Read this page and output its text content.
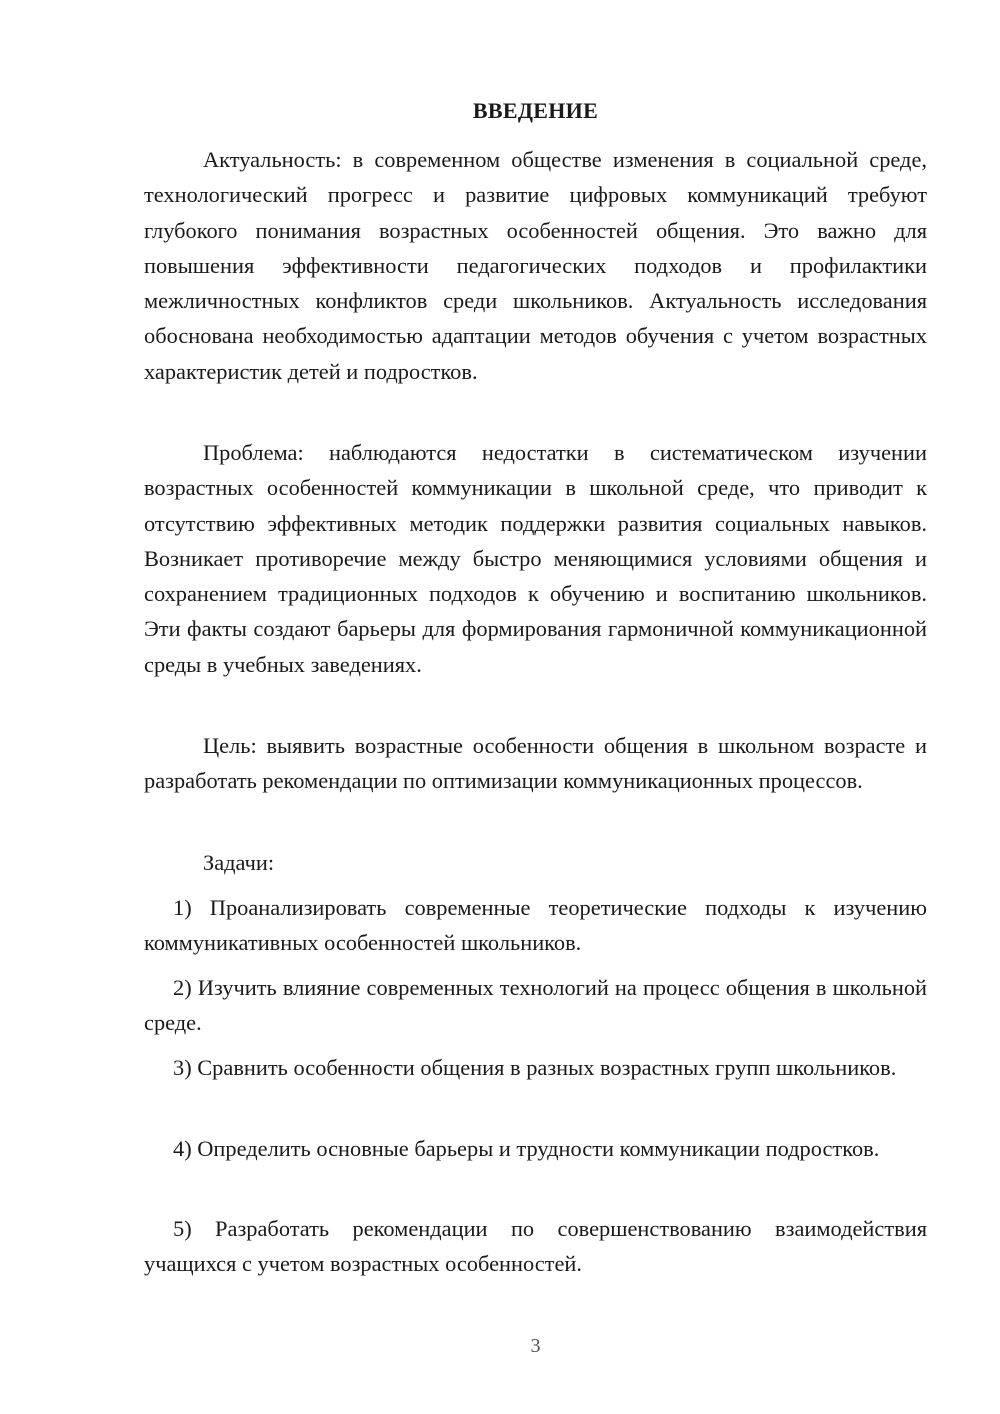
ВВЕДЕНИЕ

Актуальность: в современном обществе изменения в социальной среде, технологический прогресс и развитие цифровых коммуникаций требуют глубокого понимания возрастных особенностей общения. Это важно для повышения эффективности педагогических подходов и профилактики межличностных конфликтов среди школьников. Актуальность исследования обоснована необходимостью адаптации методов обучения с учетом возрастных характеристик детей и подростков.

Проблема: наблюдаются недостатки в систематическом изучении возрастных особенностей коммуникации в школьной среде, что приводит к отсутствию эффективных методик поддержки развития социальных навыков. Возникает противоречие между быстро меняющимися условиями общения и сохранением традиционных подходов к обучению и воспитанию школьников. Эти факты создают барьеры для формирования гармоничной коммуникационной среды в учебных заведениях.

Цель: выявить возрастные особенности общения в школьном возрасте и разработать рекомендации по оптимизации коммуникационных процессов.

Задачи:

1) Проанализировать современные теоретические подходы к изучению коммуникативных особенностей школьников.

2) Изучить влияние современных технологий на процесс общения в школьной среде.

3) Сравнить особенности общения в разных возрастных групп школьников.

4) Определить основные барьеры и трудности коммуникации подростков.

5) Разработать рекомендации по совершенствованию взаимодействия учащихся с учетом возрастных особенностей.

3
